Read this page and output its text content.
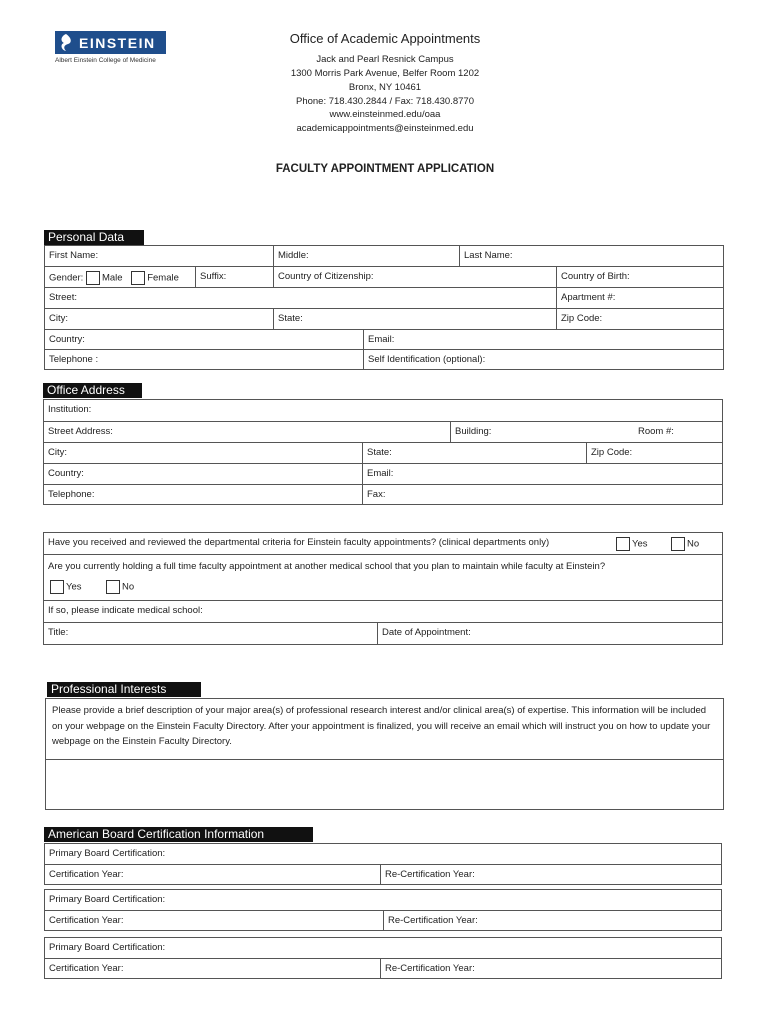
EINSTEIN
Albert Einstein College of Medicine
Office of Academic Appointments
Jack and Pearl Resnick Campus
1300 Morris Park Avenue, Belfer Room 1202
Bronx, NY 10461
Phone: 718.430.2844 / Fax: 718.430.8770
www.einsteinmed.edu/oaa
academicappointments@einsteinmed.edu
FACULTY APPOINTMENT APPLICATION
Personal Data
First Name:	Middle:	Last Name:
Gender: Male	Female	Suffix:	Country of Citizenship:	Country of Birth:
Street:	Apartment #:
City:	State:	Zip Code:
Country:	Email:
Telephone :	Self Identification (optional):
Office Address
Institution:
Street Address:	Building:	Room #:
City:	State:	Zip Code:
Country:	Email:
Telephone:	Fax:
Have you received and reviewed the departmental criteria for Einstein faculty appointments? (clinical departments only)	Yes	No
Are you currently holding a full time faculty appointment at another medical school that you plan to maintain while faculty at Einstein?
Yes	No
If so, please indicate medical school:
Title:	Date of Appointment:
Professional Interests
Please provide a brief description of your major area(s) of professional research interest and/or clinical area(s) of expertise. This information will be included on your webpage on the Einstein Faculty Directory. After your appointment is finalized, you will receive an email which will instruct you on how to update your webpage on the Einstein Faculty Directory.
American Board Certification Information
Primary Board Certification:
Certification Year:	Re-Certification Year:
Primary Board Certification:
Certification Year:	Re-Certification Year:
Primary Board Certification:
Certification Year:	Re-Certification Year:
